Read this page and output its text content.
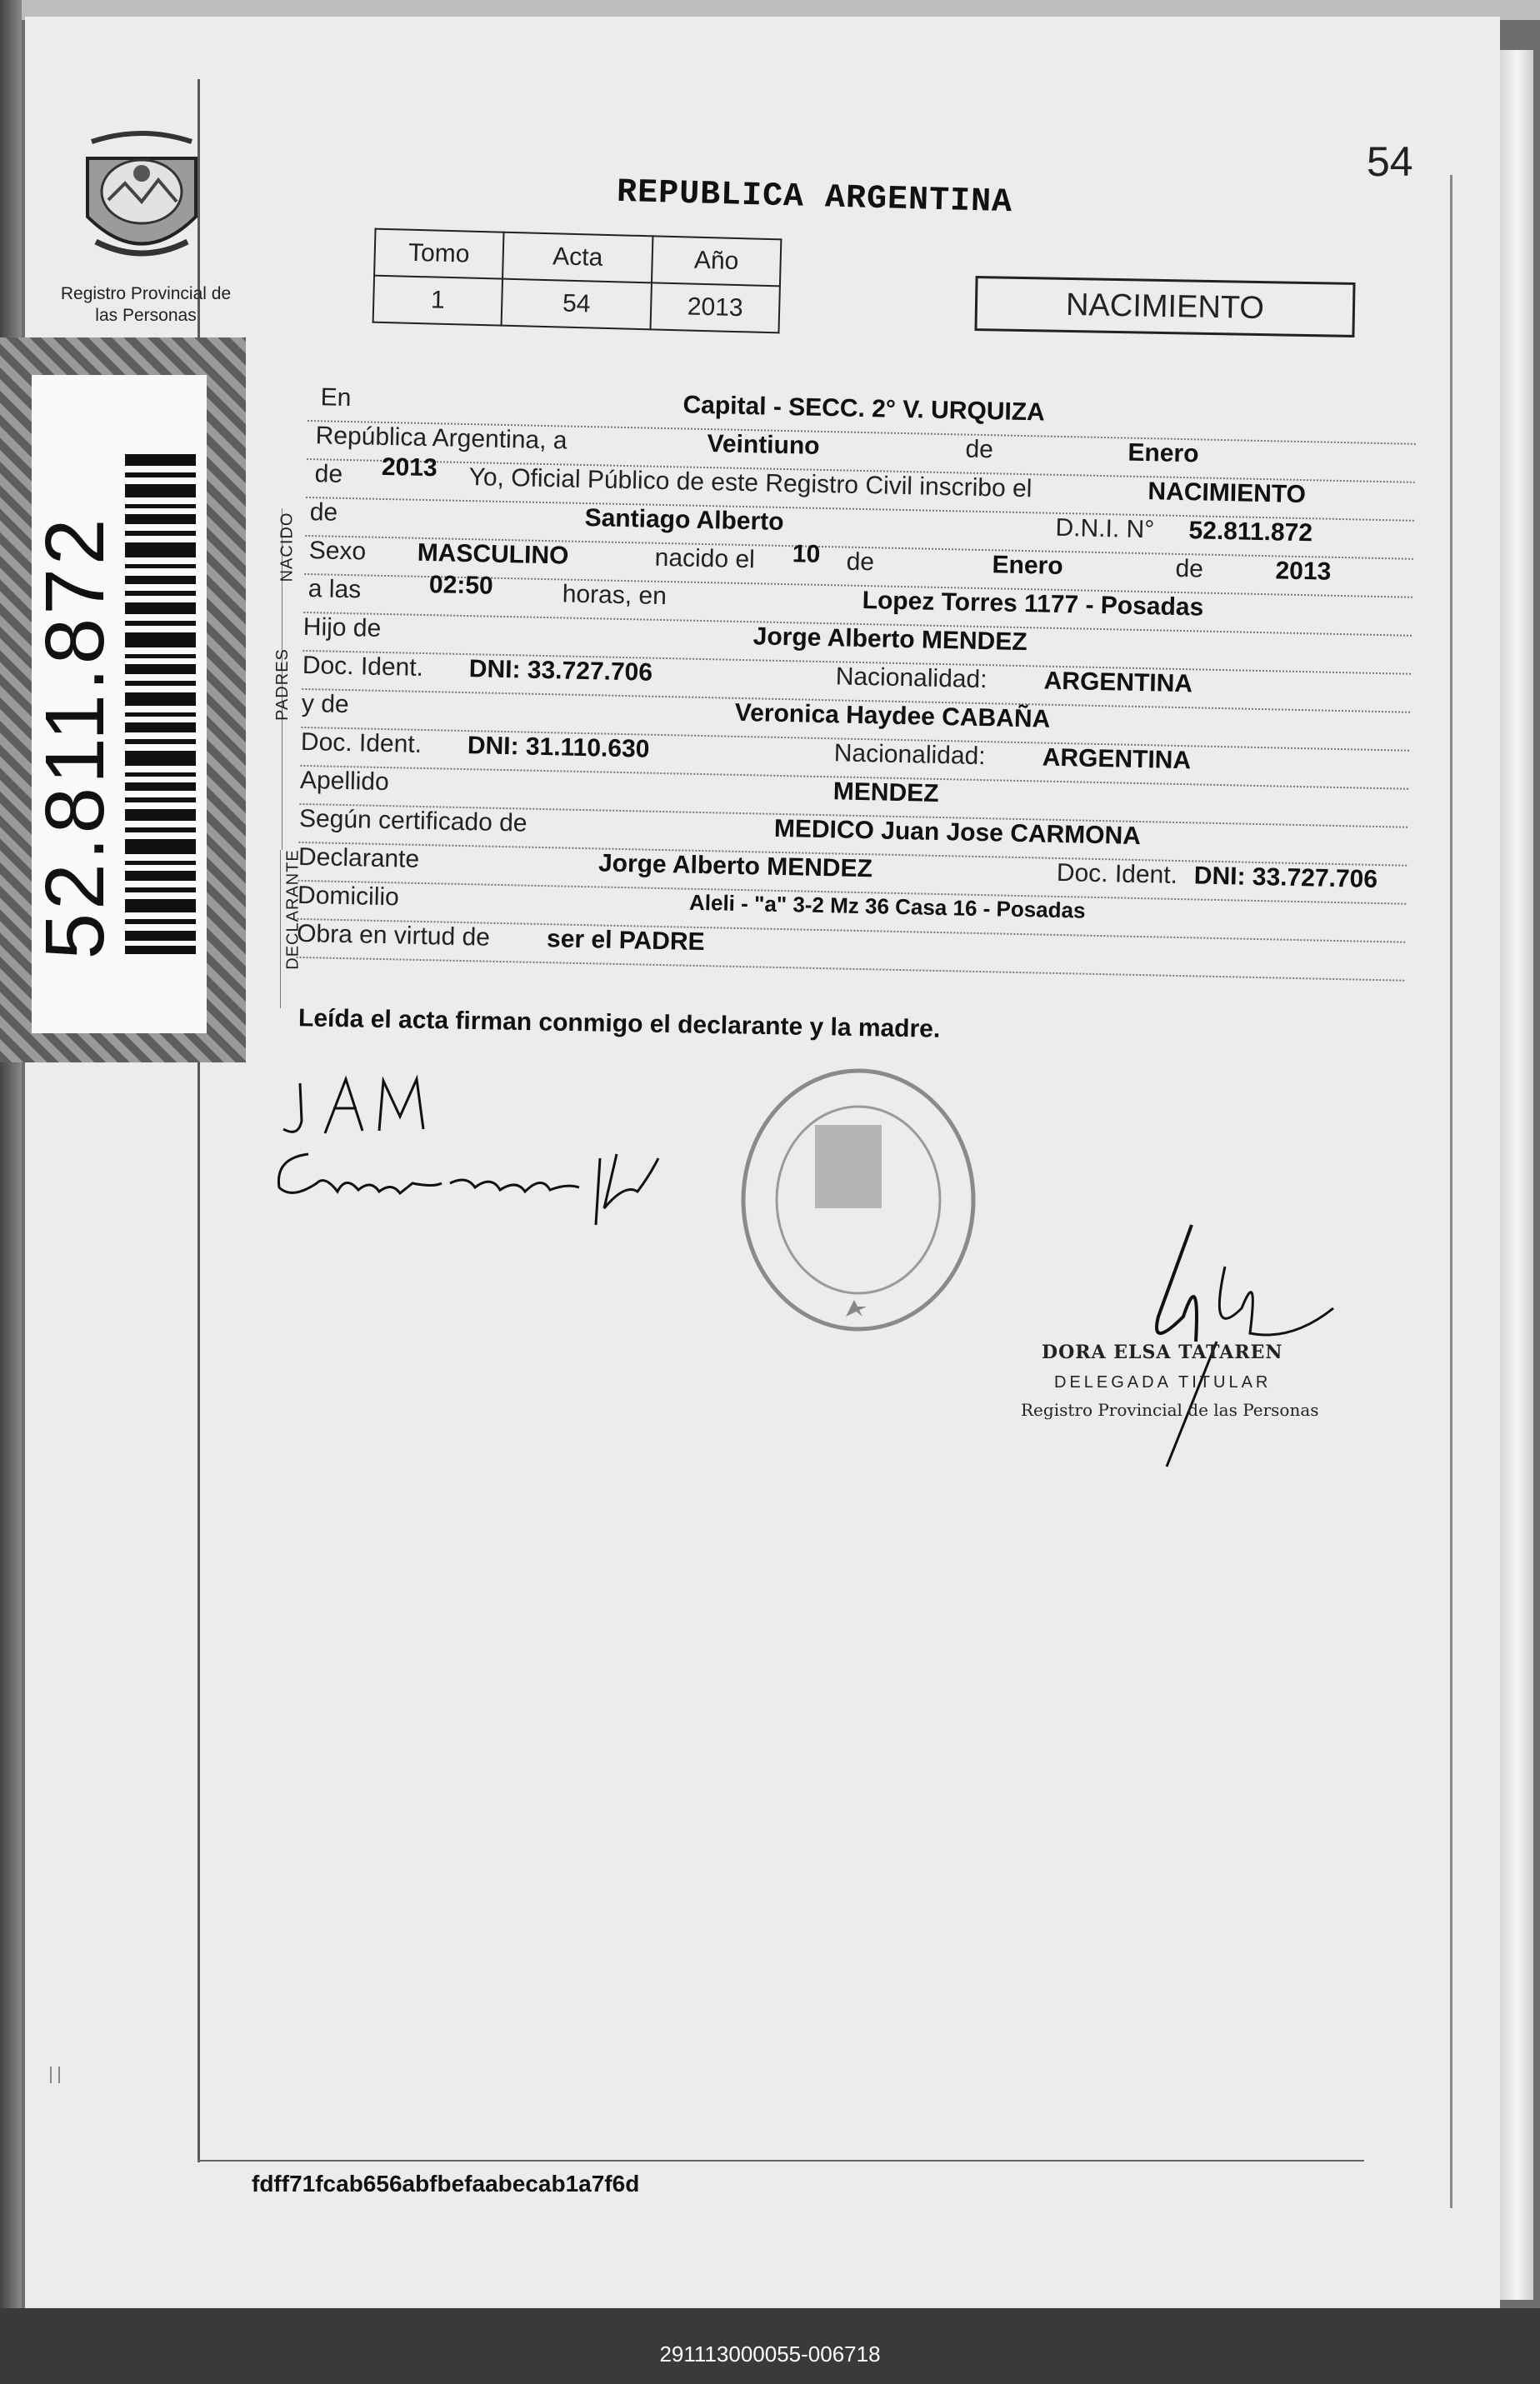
Registro Provincial de las Personas
52.811.872
54
REPUBLICA ARGENTINA
Tomo	Acta	Año
1	54	2013	NACIMIENTO
NACIDO
PADRES
DECLARANTE
En	Capital - SECC. 2° V. URQUIZA
República Argentina, a	Veintiuno	de	Enero
de 2013 Yo, Oficial Público de este Registro Civil inscribo el	NACIMIENTO
de	Santiago Alberto	D.N.I. N° 52.811.872
Sexo MASCULINO	nacido el 10 de	Enero	de	2013
a las	02:50	horas, en	Lopez Torres 1177 - Posadas
Hijo de	Jorge Alberto MENDEZ
Doc. Ident. DNI: 33.727.706	Nacionalidad: ARGENTINA
y de	Veronica Haydee CABAÑA
Doc. Ident. DNI: 31.110.630	Nacionalidad: ARGENTINA
Apellido	MENDEZ
Según certificado de	MEDICO Juan Jose CARMONA
Declarante	Jorge Alberto MENDEZ	Doc. Ident. DNI: 33.727.706
Domicilio	Aleli - "a" 3-2 Mz 36 Casa 16 - Posadas
Obra en virtud de ser el PADRE
Leída el acta firman conmigo el declarante y la madre.
DORA ELSA TATAREN
DELEGADA TITULAR
Registro Provincial de las Personas
fdff71fcab656abfbefaabecab1a7f6d
291113000055-006718
